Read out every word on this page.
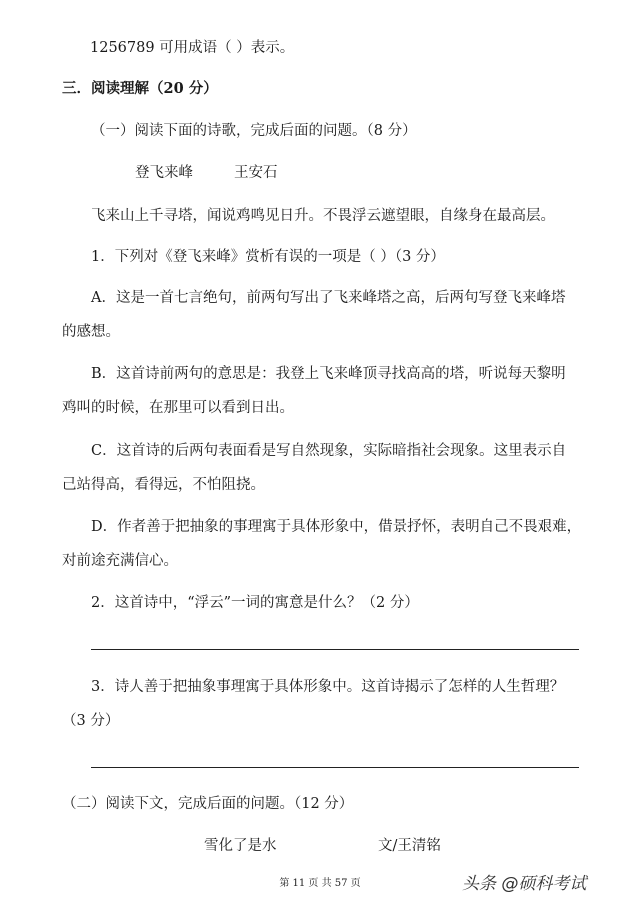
1256789 可用成语（ ）表示。
三．阅读理解（20 分）
（一）阅读下面的诗歌，完成后面的问题。（8 分）
登飞来峰	王安石
飞来山上千寻塔，闻说鸡鸣见日升。不畏浮云遮望眼，自缘身在最高层。
1．下列对《登飞来峰》赏析有误的一项是（ ）（3 分）
A．这是一首七言绝句，前两句写出了飞来峰塔之高，后两句写登飞来峰塔
的感想。
B．这首诗前两句的意思是：我登上飞来峰顶寻找高高的塔，听说每天黎明
鸡叫的时候，在那里可以看到日出。
C．这首诗的后两句表面看是写自然现象，实际暗指社会现象。这里表示自
己站得高，看得远，不怕阻挠。
D．作者善于把抽象的事理寓于具体形象中，借景抒怀，表明自己不畏艰难，
对前途充满信心。
2．这首诗中，“浮云”一词的寓意是什么？（2 分）
3．诗人善于把抽象事理寓于具体形象中。这首诗揭示了怎样的人生哲理？
（3 分）
（二）阅读下文，完成后面的问题。（12 分）
雪化了是水	文/王清铭
第 11 页 共 57 页	头条 @硕科考试
